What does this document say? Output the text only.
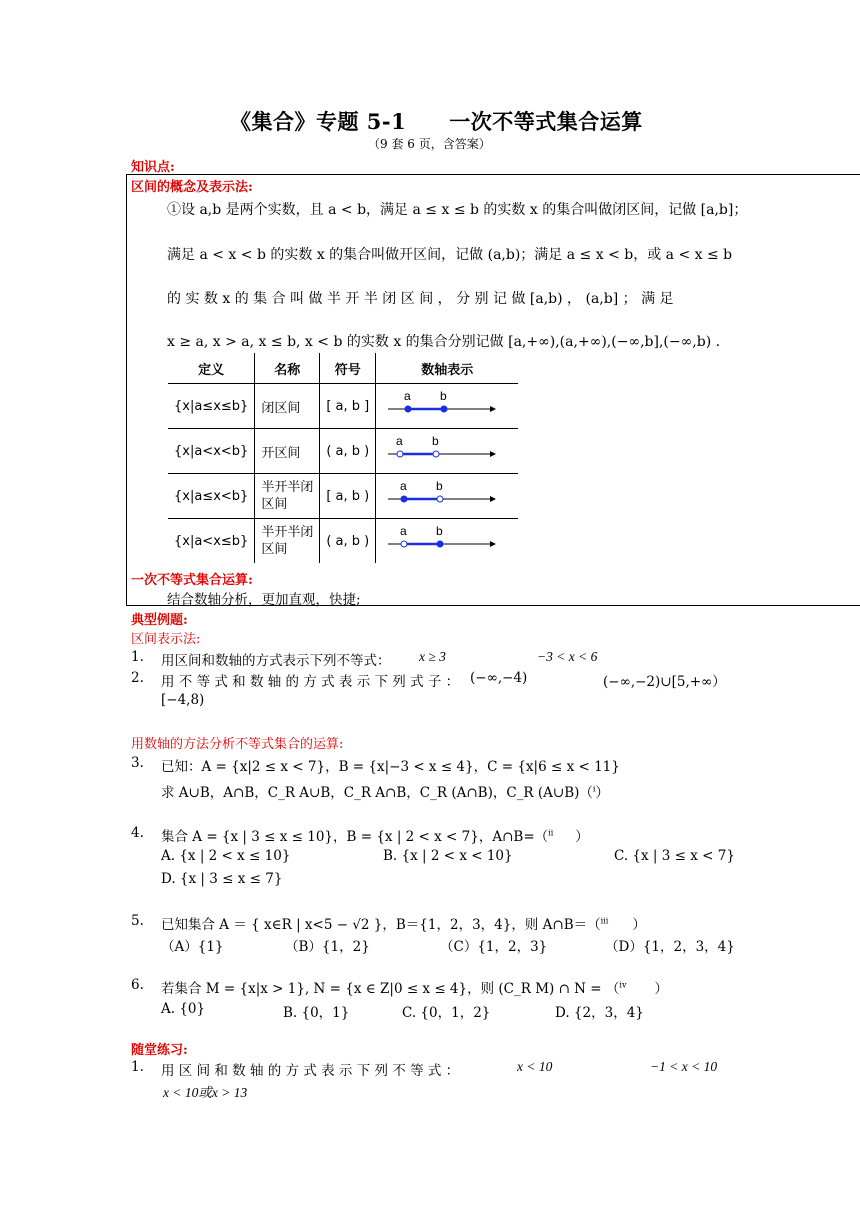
《集合》专题 5-1　　一次不等式集合运算
（9 套 6 页，含答案）
知识点:
区间的概念及表示法:
①设 a,b 是两个实数，且 a < b，满足 a ≤ x ≤ b 的实数 x 的集合叫做闭区间，记做 [a,b]；
满足 a < x < b 的实数 x 的集合叫做开区间，记做 (a,b)；满足 a ≤ x < b，或 a < x ≤ b
的 实 数 x 的 集 合 叫 做 半 开 半 闭 区 间 ， 分 别 记 做 [a,b) ， (a,b] ； 满 足
x ≥ a, x > a, x ≤ b, x < b 的实数 x 的集合分别记做 [a,+∞),(a,+∞),(−∞,b],(−∞,b) .
定义	名称	符号	数轴表示
{x|a≤x≤b}	闭区间	[ a, b ]	a b

{x|a<x<b}	开区间	( a, b )	a b

{x|a≤x<b}	半开半闭区间	[ a, b )	a b

{x|a<x≤b}	半开半闭区间	( a, b )	a b
一次不等式集合运算:
结合数轴分析，更加直观，快捷;
典型例题:
区间表示法:
1. 用区间和数轴的方式表示下列不等式： x ≥ 3	−3 < x < 6
2. 用 不 等 式 和 数 轴 的 方 式 表 示 下 列 式 子 ： (−∞,−4)	(−∞,−2)∪[5,+∞）
[−4,8)
用数轴的方法分析不等式集合的运算:
3. 已知：A = {x|2 ≤ x < 7}，B = {x|−3 < x ≤ 4}，C = {x|6 ≤ x < 11}
求 A∪B，A∩B，C_R A∪B，C_R A∩B，C_R (A∩B)，C_R (A∪B)（$^i$）
4. 集合 A = {x | 3 ≤ x ≤ 10}，B = {x | 2 < x < 7}，A∩B=（$^{ii}$ ）
A. {x | 2 < x ≤ 10}	B. {x | 2 < x < 10}	C. {x | 3 ≤ x < 7}
D. {x | 3 ≤ x ≤ 7}
5. 已知集合 A ＝ { x∈R | x<5 − √2 }，B＝{1，2，3，4}，则 A∩B＝（$^{iii}$ ）
（A）{1}	（B）{1，2}	（C）{1，2，3}	（D）{1，2，3，4}
6. 若集合 M = {x|x > 1}, N = {x ∈ Z|0 ≤ x ≤ 4}，则 (C_R M) ∩ N = （$^{iv}$ ）
A. {0}	B. {0，1}	C. {0，1，2}	D. {2，3，4}
随堂练习:
1. 用 区 间 和 数 轴 的 方 式 表 示 下 列 不 等 式 ：	x < 10	−1 < x < 10
x < 10或x > 13
